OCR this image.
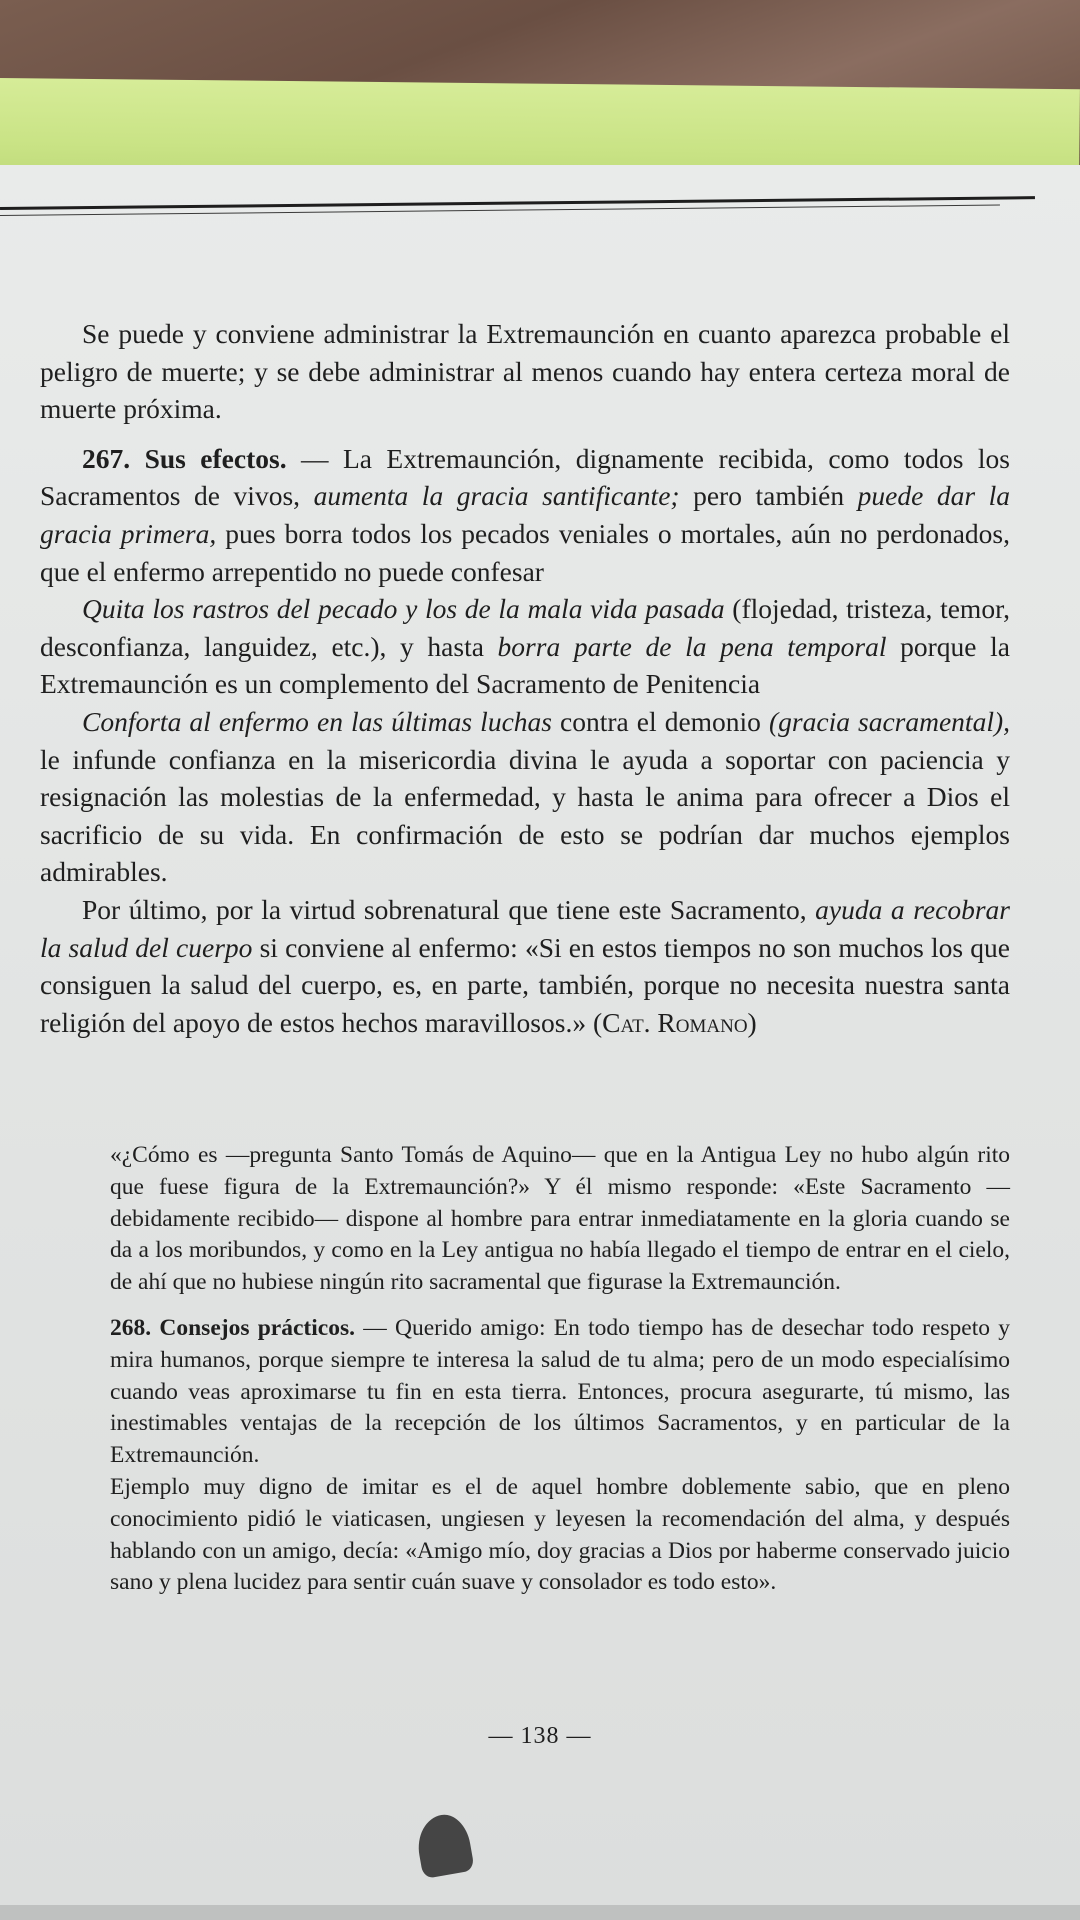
Se puede y conviene administrar la Extremaunción en cuanto aparezca probable el peligro de muerte; y se debe administrar al menos cuando hay entera certeza moral de muerte próxima.

267. Sus efectos. — La Extremaunción, dignamente recibida, como todos los Sacramentos de vivos, aumenta la gracia santificante; pero también puede dar la gracia primera, pues borra todos los pecados veniales o mortales, aún no perdonados, que el enfermo arrepentido no puede confesar

Quita los rastros del pecado y los de la mala vida pasada (flojedad, tristeza, temor, desconfianza, languidez, etc.), y hasta borra parte de la pena temporal porque la Extremaunción es un complemento del Sacramento de Penitencia

Conforta al enfermo en las últimas luchas contra el demonio (gracia sacramental), le infunde confianza en la misericordia divina le ayuda a soportar con paciencia y resignación las molestias de la enfermedad, y hasta le anima para ofrecer a Dios el sacrificio de su vida. En confirmación de esto se podrían dar muchos ejemplos admirables.

Por último, por la virtud sobrenatural que tiene este Sacramento, ayuda a recobrar la salud del cuerpo si conviene al enfermo: «Si en estos tiempos no son muchos los que consiguen la salud del cuerpo, es, en parte, también, porque no necesita nuestra santa religión del apoyo de estos hechos maravillosos.» (Cat. Romano)

«¿Cómo es —pregunta Santo Tomás de Aquino— que en la Antigua Ley no hubo algún rito que fuese figura de la Extremaunción?» Y él mismo responde: «Este Sacramento —debidamente recibido— dispone al hombre para entrar inmediatamente en la gloria cuando se da a los moribundos, y como en la Ley antigua no había llegado el tiempo de entrar en el cielo, de ahí que no hubiese ningún rito sacramental que figurase la Extremaunción.

268. Consejos prácticos. — Querido amigo: En todo tiempo has de desechar todo respeto y mira humanos, porque siempre te interesa la salud de tu alma; pero de un modo especialísimo cuando veas aproximarse tu fin en esta tierra. Entonces, procura asegurarte, tú mismo, las inestimables ventajas de la recepción de los últimos Sacramentos, y en particular de la Extremaunción.

Ejemplo muy digno de imitar es el de aquel hombre doblemente sabio, que en pleno conocimiento pidió le viaticasen, ungiesen y leyesen la recomendación del alma, y después hablando con un amigo, decía: «Amigo mío, doy gracias a Dios por haberme conservado juicio sano y plena lucidez para sentir cuán suave y consolador es todo esto».

— 138 —
